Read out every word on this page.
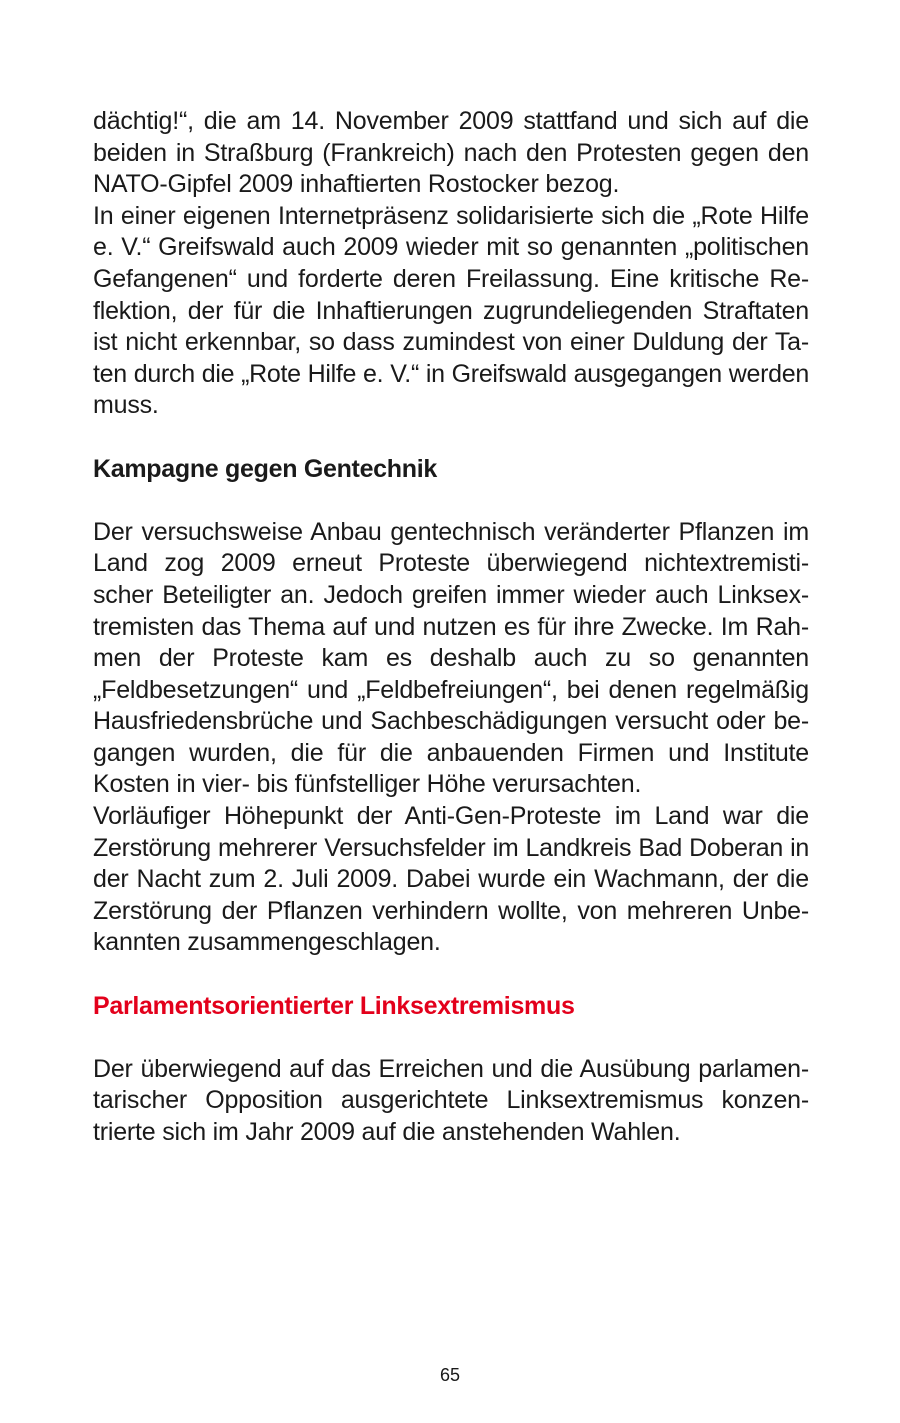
dächtig!“, die am 14. November 2009 stattfand und sich auf die
beiden in Straßburg (Frankreich) nach den Protesten gegen den
NATO-Gipfel 2009 inhaftierten Rostocker bezog.
In einer eigenen Internetpräsenz solidarisierte sich die „Rote Hilfe
e. V.“ Greifswald auch 2009 wieder mit so genannten „politischen
Gefangenen“ und forderte deren Freilassung. Eine kritische Re-
flektion, der für die Inhaftierungen zugrundeliegenden Straftaten
ist nicht erkennbar, so dass zumindest von einer Duldung der Ta-
ten durch die „Rote Hilfe e. V.“ in Greifswald ausgegangen werden
muss.
Kampagne gegen Gentechnik
Der versuchsweise Anbau gentechnisch veränderter Pflanzen im
Land zog 2009 erneut Proteste überwiegend nichtextremisti-
scher Beteiligter an. Jedoch greifen immer wieder auch Linksex-
tremisten das Thema auf und nutzen es für ihre Zwecke. Im Rah-
men der Proteste kam es deshalb auch zu so genannten
„Feldbesetzungen“ und „Feldbefreiungen“, bei denen regelmäßig
Hausfriedensbrüche und Sachbeschädigungen versucht oder be-
gangen wurden, die für die anbauenden Firmen und Institute
Kosten in vier- bis fünfstelliger Höhe verursachten.
Vorläufiger Höhepunkt der Anti-Gen-Proteste im Land war die
Zerstörung mehrerer Versuchsfelder im Landkreis Bad Doberan in
der Nacht zum 2. Juli 2009. Dabei wurde ein Wachmann, der die
Zerstörung der Pflanzen verhindern wollte, von mehreren Unbe-
kannten zusammengeschlagen.
Parlamentsorientierter Linksextremismus
Der überwiegend auf das Erreichen und die Ausübung parlamen-
tarischer Opposition ausgerichtete Linksextremismus konzen-
trierte sich im Jahr 2009 auf die anstehenden Wahlen.
65
